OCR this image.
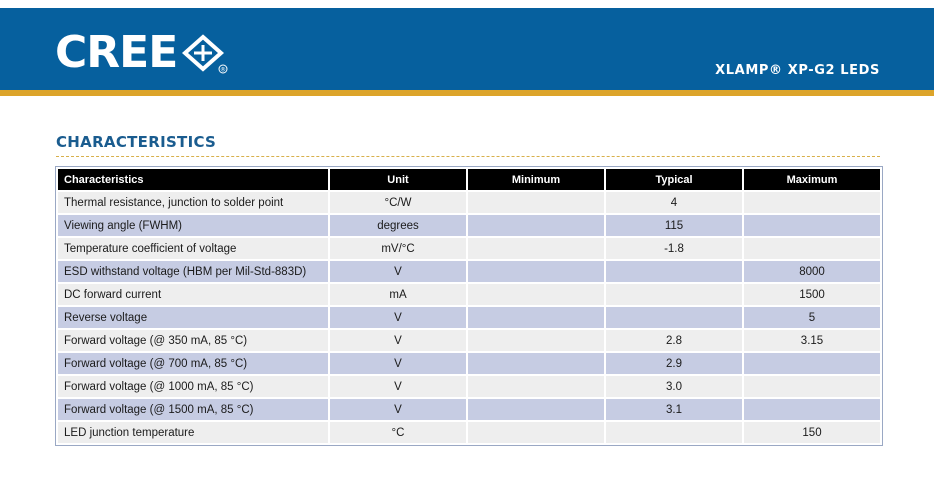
CREE	®	XLAMP® XP-G2 LEDS
CHARACTERISTICS
Characteristics	Unit	Minimum	Typical	Maximum
Thermal resistance, junction to solder point	°C/W		4	
Viewing angle (FWHM)	degrees		115	
Temperature coefficient of voltage	mV/°C		-1.8	
ESD withstand voltage (HBM per Mil-Std-883D)	V			8000
DC forward current	mA			1500
Reverse voltage	V			5
Forward voltage (@ 350 mA, 85 °C)	V		2.8	3.15
Forward voltage (@ 700 mA, 85 °C)	V		2.9	
Forward voltage (@ 1000 mA, 85 °C)	V		3.0	
Forward voltage (@ 1500 mA, 85 °C)	V		3.1	
LED junction temperature	°C			150
